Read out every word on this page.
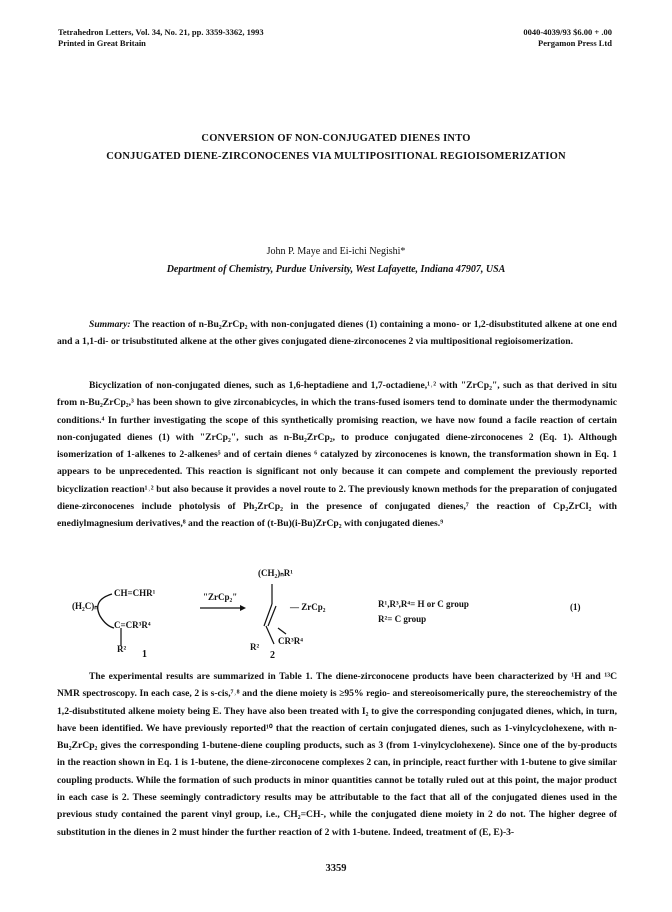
Tetrahedron Letters, Vol. 34, No. 21, pp. 3359-3362, 1993
Printed in Great Britain
0040-4039/93 $6.00 + .00
Pergamon Press Ltd
CONVERSION OF NON-CONJUGATED DIENES INTO
CONJUGATED DIENE-ZIRCONOCENES VIA MULTIPOSITIONAL REGIOISOMERIZATION
John P. Maye and Ei-ichi Negishi*
Department of Chemistry, Purdue University, West Lafayette, Indiana 47907, USA
Summary: The reaction of n-Bu₂ZrCp₂ with non-conjugated dienes (1) containing a mono- or 1,2-disubstituted alkene at one end and a 1,1-di- or trisubstituted alkene at the other gives conjugated diene-zirconocenes 2 via multipositional regioisomerization.
Bicyclization of non-conjugated dienes, such as 1,6-heptadiene and 1,7-octadiene,¹˒² with "ZrCp₂", such as that derived in situ from n-Bu₂ZrCp₂,³ has been shown to give zirconabicycles, in which the trans-fused isomers tend to dominate under the thermodynamic conditions.⁴ In further investigating the scope of this synthetically promising reaction, we have now found a facile reaction of certain non-conjugated dienes (1) with "ZrCp₂", such as n-Bu₂ZrCp₂, to produce conjugated diene-zirconocenes 2 (Eq. 1). Although isomerization of 1-alkenes to 2-alkenes⁵ and of certain dienes ⁶ catalyzed by zirconocenes is known, the transformation shown in Eq. 1 appears to be unprecedented. This reaction is significant not only because it can compete and complement the previously reported bicyclization reaction¹˒² but also because it provides a novel route to 2. The previously known methods for the preparation of conjugated diene-zirconocenes include photolysis of Ph₂ZrCp₂ in the presence of conjugated dienes,⁷ the reaction of Cp₂ZrCl₂ with enediylmagnesium derivatives,⁸ and the reaction of (t-Bu)(i-Bu)ZrCp₂ with conjugated dienes.⁹
(H₂C)ₙ
CH=CHR¹
C=CR³R⁴
R² 1
"ZrCp₂"
(CH₂)ₙR¹
— ZrCp₂
CR³R⁴
R²
2
R¹,R³,R⁴= H or C group
R²= C group
(1)
The experimental results are summarized in Table 1. The diene-zirconocene products have been characterized by ¹H and ¹³C NMR spectroscopy. In each case, 2 is s-cis,⁷˒⁸ and the diene moiety is ≥95% regio- and stereoisomerically pure, the stereochemistry of the 1,2-disubstituted alkene moiety being E. They have also been treated with I₂ to give the corresponding conjugated dienes, which, in turn, have been identified. We have previously reported¹⁰ that the reaction of certain conjugated dienes, such as 1-vinylcyclohexene, with n-Bu₂ZrCp₂ gives the corresponding 1-butene-diene coupling products, such as 3 (from 1-vinylcyclohexene). Since one of the by-products in the reaction shown in Eq. 1 is 1-butene, the diene-zirconocene complexes 2 can, in principle, react further with 1-butene to give similar coupling products. While the formation of such products in minor quantities cannot be totally ruled out at this point, the major product in each case is 2. These seemingly contradictory results may be attributable to the fact that all of the conjugated dienes used in the previous study contained the parent vinyl group, i.e., CH₂=CH-, while the conjugated diene moiety in 2 do not. The higher degree of substitution in the dienes in 2 must hinder the further reaction of 2 with 1-butene. Indeed, treatment of (E, E)-3-
3359
